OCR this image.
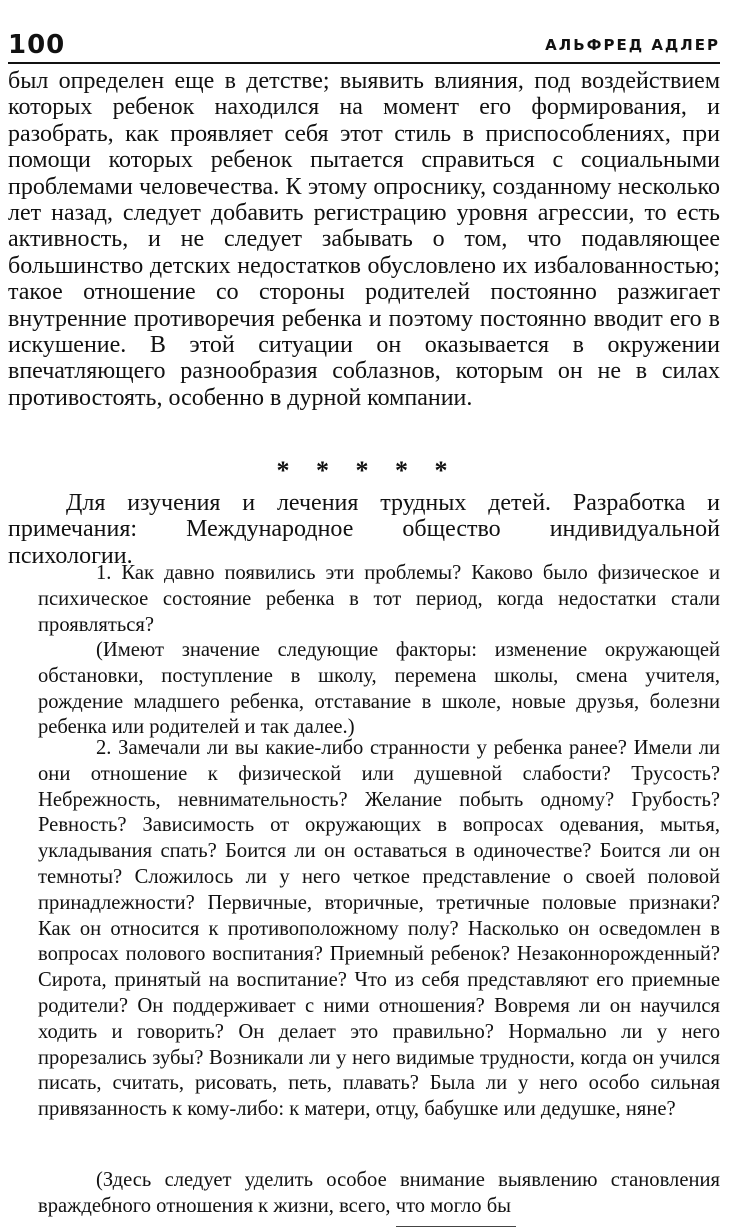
100	АЛЬФРЕД АДЛЕР

был определен еще в детстве; выявить влияния, под воздействием которых ребенок находился на момент его формирования, и разобрать, как проявляет себя этот стиль в приспособлениях, при помощи которых ребенок пытается справиться с социальными проблемами человечества. К этому опроснику, созданному несколько лет назад, следует добавить регистрацию уровня агрессии, то есть активность, и не следует забывать о том, что подавляющее большинство детских недостатков обусловлено их избалованностью; такое отношение со стороны родителей постоянно разжигает внутренние противоречия ребенка и поэтому постоянно вводит его в искушение. В этой ситуации он оказывается в окружении впечатляющего разнообразия соблазнов, которым он не в силах противостоять, особенно в дурной компании.

* * * * *

Для изучения и лечения трудных детей. Разработка и примечания: Международное общество индивидуальной психологии.

1. Как давно появились эти проблемы? Каково было физическое и психическое состояние ребенка в тот период, когда недостатки стали проявляться?

(Имеют значение следующие факторы: изменение окружающей обстановки, поступление в школу, перемена школы, смена учителя, рождение младшего ребенка, отставание в школе, новые друзья, болезни ребенка или родителей и так далее.)

2. Замечали ли вы какие-либо странности у ребенка ранее? Имели ли они отношение к физической или душевной слабости? Трусость? Небрежность, невнимательность? Желание побыть одному? Грубость? Ревность? Зависимость от окружающих в вопросах одевания, мытья, укладывания спать? Боится ли он оставаться в одиночестве? Боится ли он темноты? Сложилось ли у него четкое представление о своей половой принадлежности? Первичные, вторичные, третичные половые признаки? Как он относится к противоположному полу? Насколько он осведомлен в вопросах полового воспитания? Приемный ребенок? Незаконнорожденный? Сирота, принятый на воспитание? Что из себя представляют его приемные родители? Он поддерживает с ними отношения? Вовремя ли он научился ходить и говорить? Он делает это правильно? Нормально ли у него прорезались зубы? Возникали ли у него видимые трудности, когда он учился писать, считать, рисовать, петь, плавать? Была ли у него особо сильная привязанность к кому-либо: к матери, отцу, бабушке или дедушке, няне?

(Здесь следует уделить особое внимание выявлению становления враждебного отношения к жизни, всего, что могло бы
